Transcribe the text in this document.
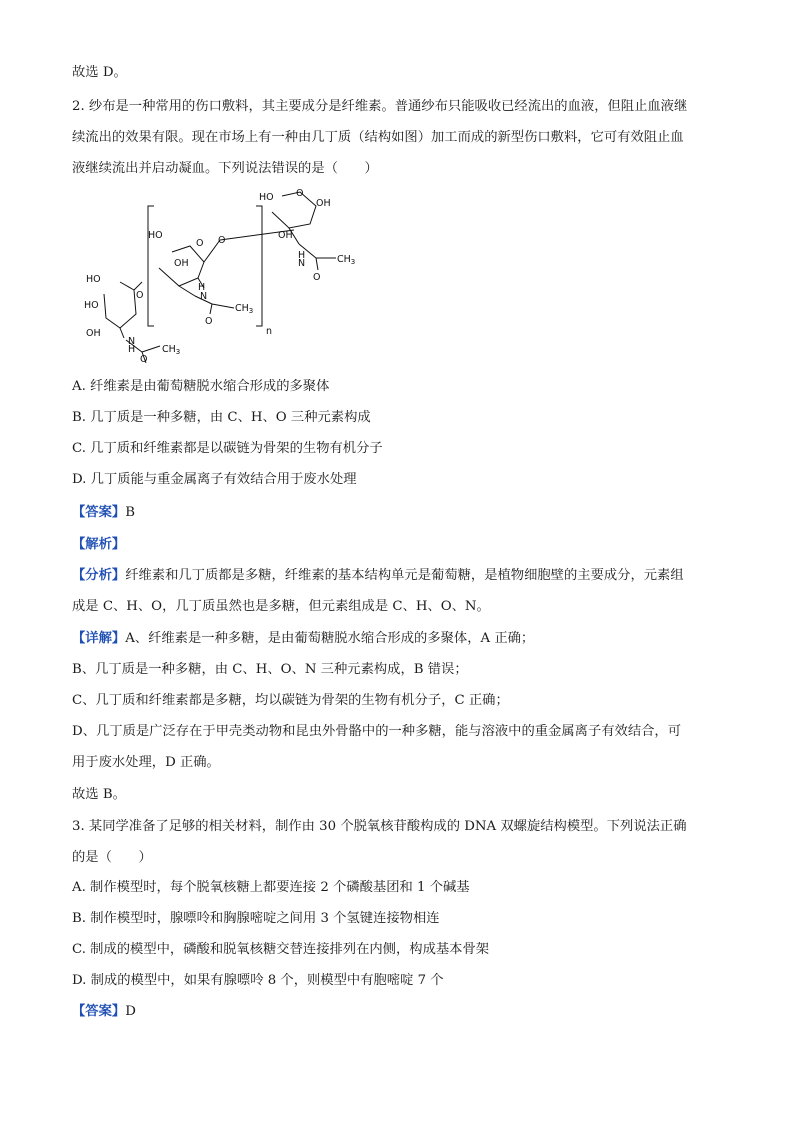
故选 D。
2. 纱布是一种常用的伤口敷料，其主要成分是纤维素。普通纱布只能吸收已经流出的血液，但阻止血液继
续流出的效果有限。现在市场上有一种由几丁质（结构如图）加工而成的新型伤口敷料，它可有效阻止血
液继续流出并启动凝血。下列说法错误的是（　　）
HO
O
HO
OH
N
H	$CH_3$
O
HO
OH
O
N
H
$CH_3$
O
O
HO
OH
O
OH
N
H	$CH_3$
O
n
A. 纤维素是由葡萄糖脱水缩合形成的多聚体
B. 几丁质是一种多糖，由 C、H、O 三种元素构成
C. 几丁质和纤维素都是以碳链为骨架的生物有机分子
D. 几丁质能与重金属离子有效结合用于废水处理
【答案】B
【解析】
【分析】纤维素和几丁质都是多糖，纤维素的基本结构单元是葡萄糖，是植物细胞壁的主要成分，元素组
成是 C、H、O，几丁质虽然也是多糖，但元素组成是 C、H、O、N。
【详解】A、纤维素是一种多糖，是由葡萄糖脱水缩合形成的多聚体，A 正确；
B、几丁质是一种多糖，由 C、H、O、N 三种元素构成，B 错误；
C、几丁质和纤维素都是多糖，均以碳链为骨架的生物有机分子，C 正确；
D、几丁质是广泛存在于甲壳类动物和昆虫外骨骼中的一种多糖，能与溶液中的重金属离子有效结合，可
用于废水处理，D 正确。
故选 B。
3. 某同学准备了足够的相关材料，制作由 30 个脱氧核苷酸构成的 DNA 双螺旋结构模型。下列说法正确
的是（　　）
A. 制作模型时，每个脱氧核糖上都要连接 2 个磷酸基团和 1 个碱基
B. 制作模型时，腺嘌呤和胸腺嘧啶之间用 3 个氢键连接物相连
C. 制成的模型中，磷酸和脱氧核糖交替连接排列在内侧，构成基本骨架
D. 制成的模型中，如果有腺嘌呤 8 个，则模型中有胞嘧啶 7 个
【答案】D
